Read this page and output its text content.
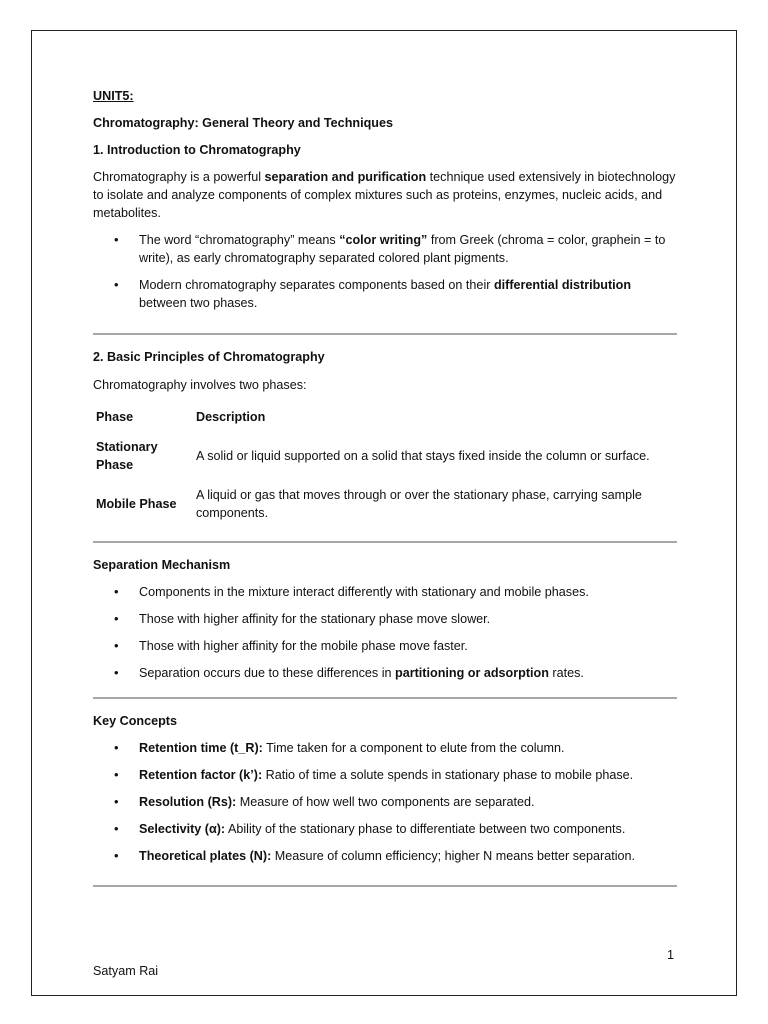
UNIT5:

Chromatography: General Theory and Techniques

1. Introduction to Chromatography

Chromatography is a powerful separation and purification technique used extensively in biotechnology to isolate and analyze components of complex mixtures such as proteins, enzymes, nucleic acids, and metabolites.

• The word “chromatography” means “color writing” from Greek (chroma = color, graphein = to write), as early chromatography separated colored plant pigments.
• Modern chromatography separates components based on their differential distribution between two phases.

2. Basic Principles of Chromatography

Chromatography involves two phases:

Phase	Description
Stationary Phase	A solid or liquid supported on a solid that stays fixed inside the column or surface.
Mobile Phase	A liquid or gas that moves through or over the stationary phase, carrying sample components.

Separation Mechanism

• Components in the mixture interact differently with stationary and mobile phases.
• Those with higher affinity for the stationary phase move slower.
• Those with higher affinity for the mobile phase move faster.
• Separation occurs due to these differences in partitioning or adsorption rates.

Key Concepts

• Retention time (t_R): Time taken for a component to elute from the column.
• Retention factor (k’): Ratio of time a solute spends in stationary phase to mobile phase.
• Resolution (Rs): Measure of how well two components are separated.
• Selectivity (α): Ability of the stationary phase to differentiate between two components.
• Theoretical plates (N): Measure of column efficiency; higher N means better separation.
1
Satyam Rai
